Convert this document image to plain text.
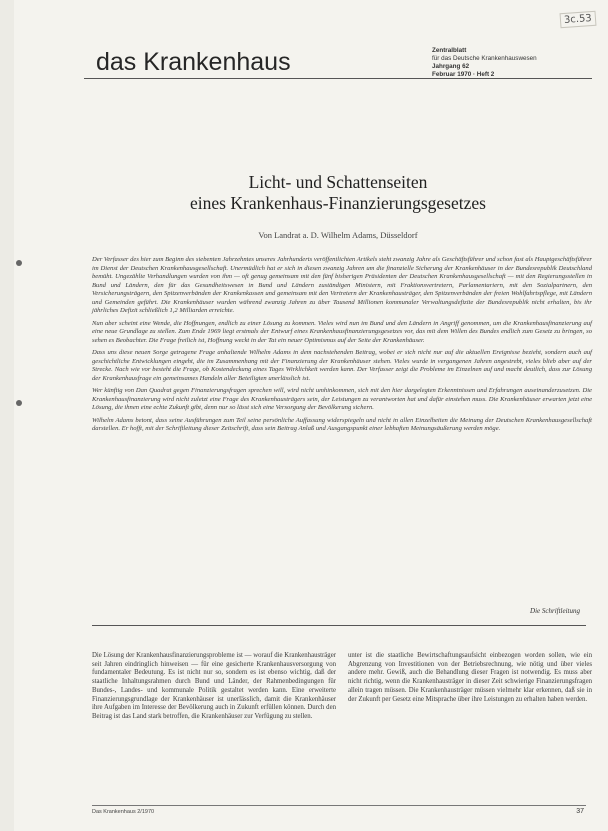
3c.53
das Krankenhaus	Zentralblatt
für das Deutsche Krankenhauswesen
Jahrgang 62
Februar 1970 · Heft 2
Licht- und Schattenseiten
eines Krankenhaus-Finanzierungsgesetzes
Von Landrat a. D. Wilhelm Adams, Düsseldorf

Der Verfasser des hier zum Beginn des siebenten Jahrzehntes unseres Jahrhunderts veröffentlichten Artikels steht zwanzig Jahre als Geschäftsführer und schon fast als Hauptgeschäftsführer im Dienst der Deutschen Krankenhausgesellschaft. Unermüdlich hat er sich in diesen zwanzig Jahren um die finanzielle Sicherung der Krankenhäuser in der Bundesrepublik Deutschland bemüht. Ungezählte Verhandlungen wurden von ihm — oft genug gemeinsam mit den fünf bisherigen Präsidenten der Deutschen Krankenhausgesellschaft — mit den Regierungsstellen in Bund und Ländern, den für das Gesundheitswesen in Bund und Ländern zuständigen Ministern, mit Fraktionsvertretern, Parlamentariern, mit den Sozialpartnern, den Versicherungsträgern, den Spitzenverbänden der Krankenkassen und gemeinsam mit den Vertretern der Krankenhausträger, den Spitzenverbänden der freien Wohlfahrtspflege, mit Ländern und Gemeinden geführt. Die Krankenhäuser wurden während zwanzig Jahren zu über Tausend Millionen kommunaler Verwaltungsdefizite der Bundesrepublik nicht erhalten, bis ihr jährliches Defizit schließlich 1,2 Milliarden erreichte.

Nun aber scheint eine Wende, die Hoffnungen, endlich zu einer Lösung zu kommen. Vieles wird nun im Bund und den Ländern in Angriff genommen, um die Krankenhausfinanzierung auf eine neue Grundlage zu stellen. Zum Ende 1969 liegt erstmals der Entwurf eines Krankenhausfinanzierungsgesetzes vor, das mit dem Willen des Bundes endlich zum Gesetz zu bringen, so sehen es Beobachter. Die Frage freilich ist, Hoffnung weckt in der Tat ein neuer Optimismus auf der Seite der Krankenhäuser.

Dass uns diese neuen Sorge getragene Frage anhaltende Wilhelm Adams in dem nachstehenden Beitrag, wobei er sich nicht nur auf die aktuellen Ereignisse bezieht, sondern auch auf geschichtliche Entwicklungen eingeht, die im Zusammenhang mit der Finanzierung der Krankenhäuser stehen. Vieles wurde in vergangenen Jahren angestrebt, vieles blieb aber auf der Strecke. Nach wie vor besteht die Frage, ob Kostendeckung eines Tages Wirklichkeit werden kann. Der Verfasser zeigt die Probleme im Einzelnen auf und macht deutlich, dass zur Lösung der Krankenhausfrage ein gemeinsames Handeln aller Beteiligten unerlässlich ist.

Wer künftig von Dan Quadrat gegen Finanzierungsfragen sprechen will, wird nicht umhinkommen, sich mit den hier dargelegten Erkenntnissen und Erfahrungen auseinanderzusetzen. Die Krankenhausfinanzierung wird nicht zuletzt eine Frage des Krankenhausträgers sein, der Leistungen zu verantworten hat und dafür einstehen muss. Die Krankenhäuser erwarten jetzt eine Lösung, die ihnen eine echte Zukunft gibt, denn nur so lässt sich eine Versorgung der Bevölkerung sichern.

Wilhelm Adams betont, dass seine Ausführungen zum Teil seine persönliche Auffassung widerspiegeln und nicht in allen Einzelheiten die Meinung der Deutschen Krankenhausgesellschaft darstellen. Er hofft, mit der Schriftleitung dieser Zeitschrift, dass sein Beitrag Anlaß und Ausgangspunkt einer lebhaften Meinungsäußerung werden möge.

Die Schriftleitung

Die Lösung der Krankenhausfinanzierungsprobleme ist — worauf die Krankenhausträger seit Jahren eindringlich hinweisen — für eine gesicherte Krankenhausversorgung von fundamentaler Bedeutung. Es ist nicht nur so, sondern es ist ebenso wichtig, daß der staatliche Inhaltungsrahmen durch Bund und Länder, der Rahmenbedingungen für Bundes-, Landes- und kommunale Politik gestaltet werden kann. Eine erweiterte Finanzierungsgrundlage der Krankenhäuser ist unerlässlich, damit die Krankenhäuser ihre Aufgaben im Interesse der Bevölkerung auch in Zukunft erfüllen können. Durch den Beitrag ist das Land stark betroffen, die Krankenhäuser zur Verfügung zu stellen.

unter ist die staatliche Bewirtschaftungsaufsicht einbezogen worden sollen, wie ein Abgrenzung von Investitionen von der Betriebsrechnung, wie nötig und über vieles andere mehr. Gewiß, auch die Behandlung dieser Fragen ist notwendig. Es muss aber nicht richtig, wenn die Krankenhausträger in dieser Zeit schwierige Finanzierungsfragen allein tragen müssen. Die Krankenhausträger müssen vielmehr klar erkennen, daß sie in der Zukunft per Gesetz eine Mitsprache über ihre Leistungen zu erhalten haben werden.

Das Krankenhaus 2/1970	37
